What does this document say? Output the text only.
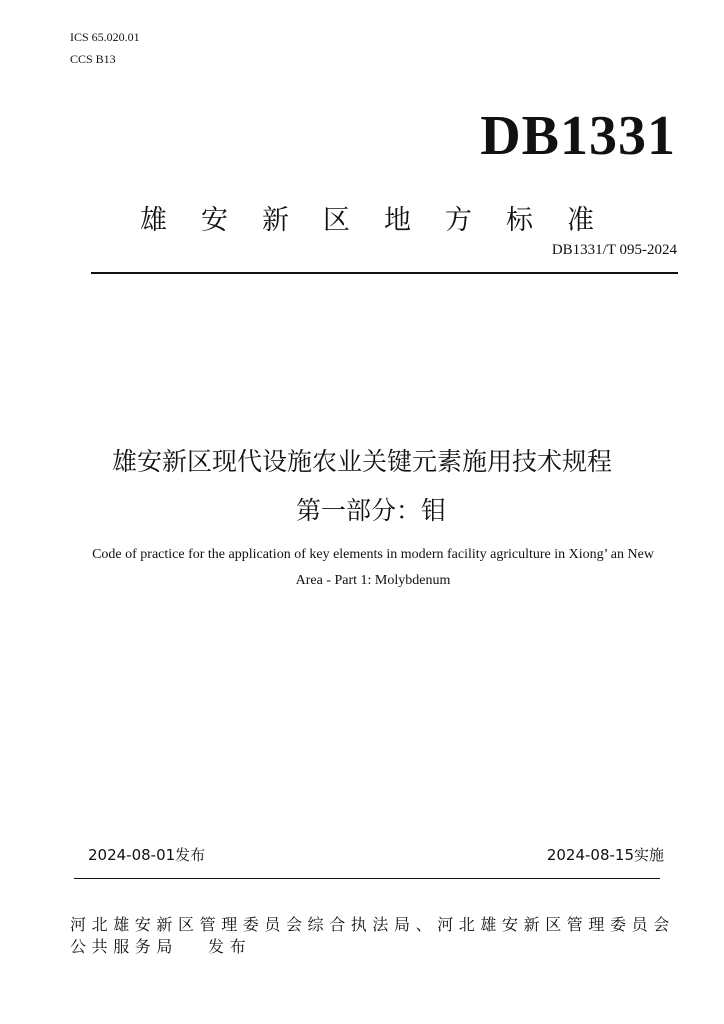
ICS 65.020.01
CCS B13
DB1331
雄安新区地方标准
DB1331/T 095-2024
雄安新区现代设施农业关键元素施用技术规程
第一部分：钼
Code of practice for the application of key elements in modern facility agriculture in Xiong’ an New
Area - Part 1: Molybdenum
2024-08-01发布	2024-08-15实施
河北雄安新区管理委员会综合执法局、河北雄安新区管理委员会公共服务局 发布
